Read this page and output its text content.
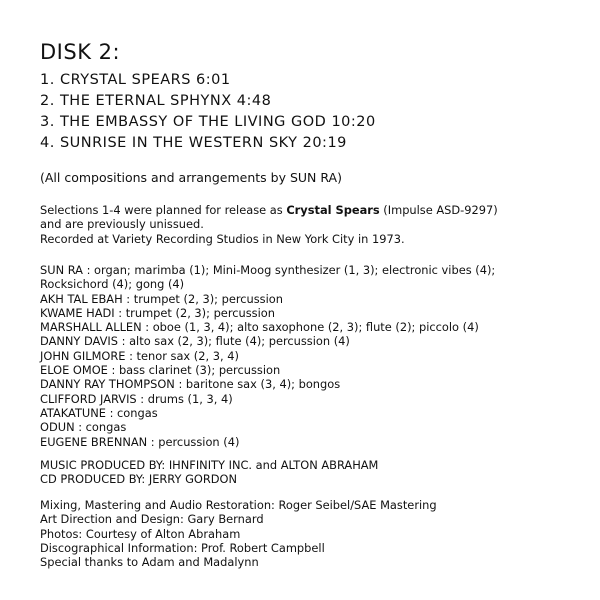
DISK 2:
1. CRYSTAL SPEARS 6:01
2. THE ETERNAL SPHYNX 4:48
3. THE EMBASSY OF THE LIVING GOD 10:20
4. SUNRISE IN THE WESTERN SKY 20:19
(All compositions and arrangements by SUN RA)
Selections 1-4 were planned for release as Crystal Spears (Impulse ASD-9297)
and are previously unissued.
Recorded at Variety Recording Studios in New York City in 1973.
SUN RA : organ; marimba (1); Mini-Moog synthesizer (1, 3); electronic vibes (4);
Rocksichord (4); gong (4)
AKH TAL EBAH : trumpet (2, 3); percussion
KWAME HADI : trumpet (2, 3); percussion
MARSHALL ALLEN : oboe (1, 3, 4); alto saxophone (2, 3); flute (2); piccolo (4)
DANNY DAVIS : alto sax (2, 3); flute (4); percussion (4)
JOHN GILMORE : tenor sax (2, 3, 4)
ELOE OMOE : bass clarinet (3); percussion
DANNY RAY THOMPSON : baritone sax (3, 4); bongos
CLIFFORD JARVIS : drums (1, 3, 4)
ATAKATUNE : congas
ODUN : congas
EUGENE BRENNAN : percussion (4)
MUSIC PRODUCED BY: IHNFINITY INC. and ALTON ABRAHAM
CD PRODUCED BY: JERRY GORDON
Mixing, Mastering and Audio Restoration: Roger Seibel/SAE Mastering
Art Direction and Design: Gary Bernard
Photos: Courtesy of Alton Abraham
Discographical Information: Prof. Robert Campbell
Special thanks to Adam and Madalynn
